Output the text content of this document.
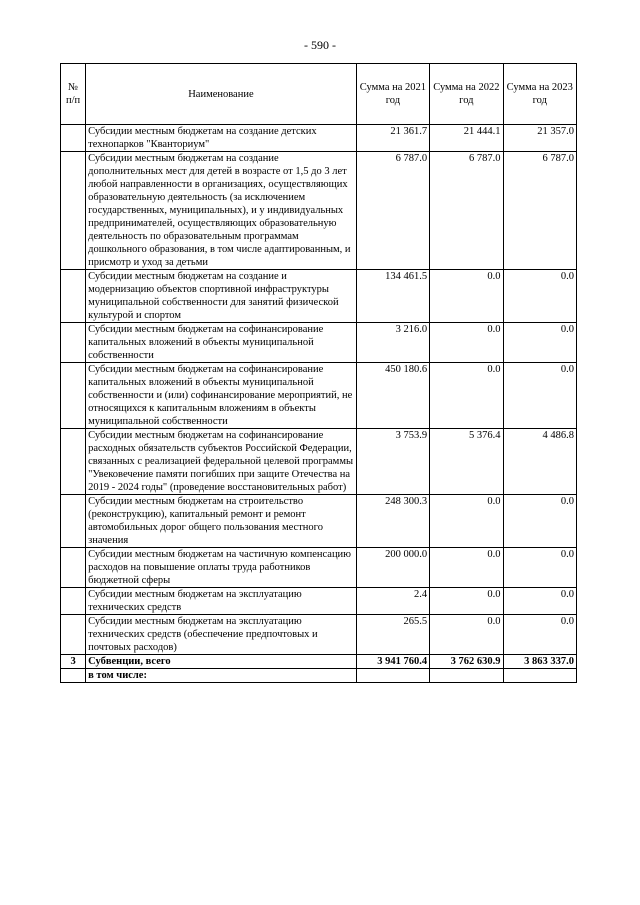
- 590 -
№ п/п	Наименование	Сумма на 2021 год	Сумма на 2022 год	Сумма на 2023 год
	Субсидии местным бюджетам на создание детских технопарков "Кванториум"	21 361.7	21 444.1	21 357.0
	Субсидии местным бюджетам на создание дополнительных мест для детей в возрасте от 1,5 до 3 лет любой направленности в организациях, осуществляющих образовательную деятельность (за исключением государственных, муниципальных), и у индивидуальных предпринимателей, осуществляющих образовательную деятельность по образовательным программам дошкольного образования, в том числе адаптированным, и присмотр и уход за детьми	6 787.0	6 787.0	6 787.0
	Субсидии местным бюджетам на создание и модернизацию объектов спортивной инфраструктуры муниципальной собственности для занятий физической культурой и спортом	134 461.5	0.0	0.0
	Субсидии местным бюджетам на софинансирование капитальных вложений в объекты муниципальной собственности	3 216.0	0.0	0.0
	Субсидии местным бюджетам на софинансирование капитальных вложений в объекты муниципальной собственности и (или) софинансирование мероприятий, не относящихся к капитальным вложениям в объекты муниципальной собственности	450 180.6	0.0	0.0
	Субсидии местным бюджетам на софинансирование расходных обязательств субъектов Российской Федерации, связанных с реализацией федеральной целевой программы "Увековечение памяти погибших при защите Отечества на 2019 - 2024 годы" (проведение восстановительных работ)	3 753.9	5 376.4	4 486.8
	Субсидии местным бюджетам на строительство (реконструкцию), капитальный ремонт и ремонт автомобильных дорог общего пользования местного значения	248 300.3	0.0	0.0
	Субсидии местным бюджетам на частичную компенсацию расходов на повышение оплаты труда работников бюджетной сферы	200 000.0	0.0	0.0
	Субсидии местным бюджетам на эксплуатацию технических средств	2.4	0.0	0.0
	Субсидии местным бюджетам на эксплуатацию технических средств (обеспечение предпочтовых и почтовых расходов)	265.5	0.0	0.0
3	Субвенции, всего	3 941 760.4	3 762 630.9	3 863 337.0
	в том числе:			
